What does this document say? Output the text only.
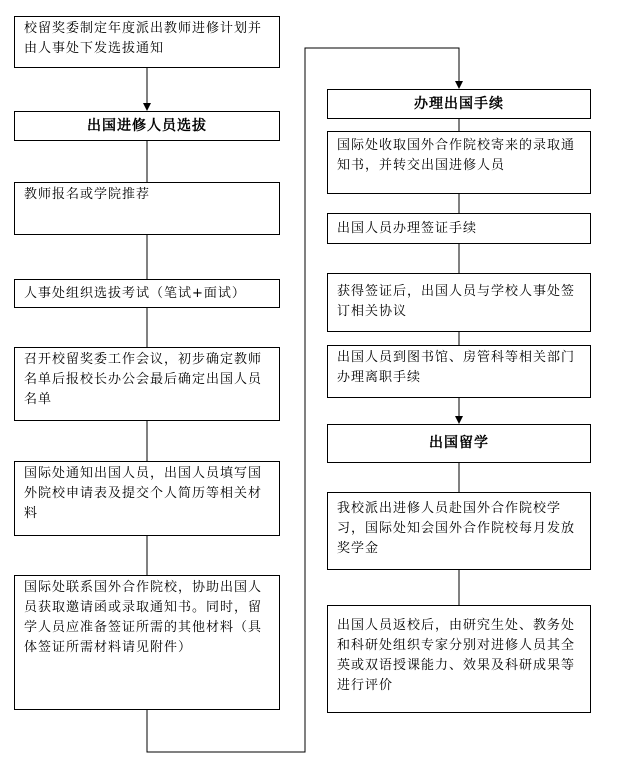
校留奖委制定年度派出教师进修计划并由人事处下发选拔通知
出国进修人员选拔
教师报名或学院推荐
人事处组织选拔考试（笔试+面试）
召开校留奖委工作会议，初步确定教师名单后报校长办公会最后确定出国人员名单
国际处通知出国人员，出国人员填写国外院校申请表及提交个人简历等相关材料
国际处联系国外合作院校，协助出国人员获取邀请函或录取通知书。同时，留学人员应准备签证所需的其他材料（具体签证所需材料请见附件）
办理出国手续
国际处收取国外合作院校寄来的录取通知书，并转交出国进修人员
出国人员办理签证手续
获得签证后，出国人员与学校人事处签订相关协议
出国人员到图书馆、房管科等相关部门办理离职手续
出国留学
我校派出进修人员赴国外合作院校学习，国际处知会国外合作院校每月发放奖学金
出国人员返校后，由研究生处、教务处和科研处组织专家分别对进修人员其全英或双语授课能力、效果及科研成果等进行评价
